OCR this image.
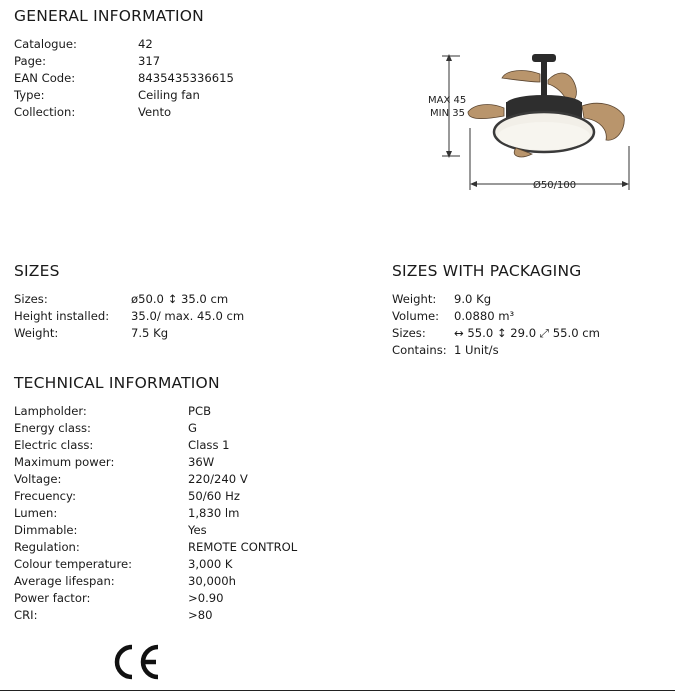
GENERAL INFORMATION
Catalogue:	42
Page:	317
EAN Code:	8435435336615
Type:	Ceiling fan
Collection:	Vento
MAX 45
MIN 35
Ø50/100
SIZES
Sizes:	ø50.0 ↕ 35.0 cm
Height installed: 35.0/ max. 45.0 cm
Weight:	7.5 Kg
SIZES WITH PACKAGING
Weight: 9.0 Kg
Volume: 0.0880 m³
Sizes: ↔ 55.0 ↕ 29.0 ⤢ 55.0 cm
Contains: 1 Unit/s
TECHNICAL INFORMATION
Lampholder:	PCB
Energy class:	G
Electric class:	Class 1
Maximum power:	36W
Voltage:	220/240 V
Frecuency:	50/60 Hz
Lumen:	1,830 lm
Dimmable:	Yes
Regulation:	REMOTE CONTROL
Colour temperature:	3,000 K
Average lifespan:	30,000h
Power factor:	>0.90
CRI:	>80
